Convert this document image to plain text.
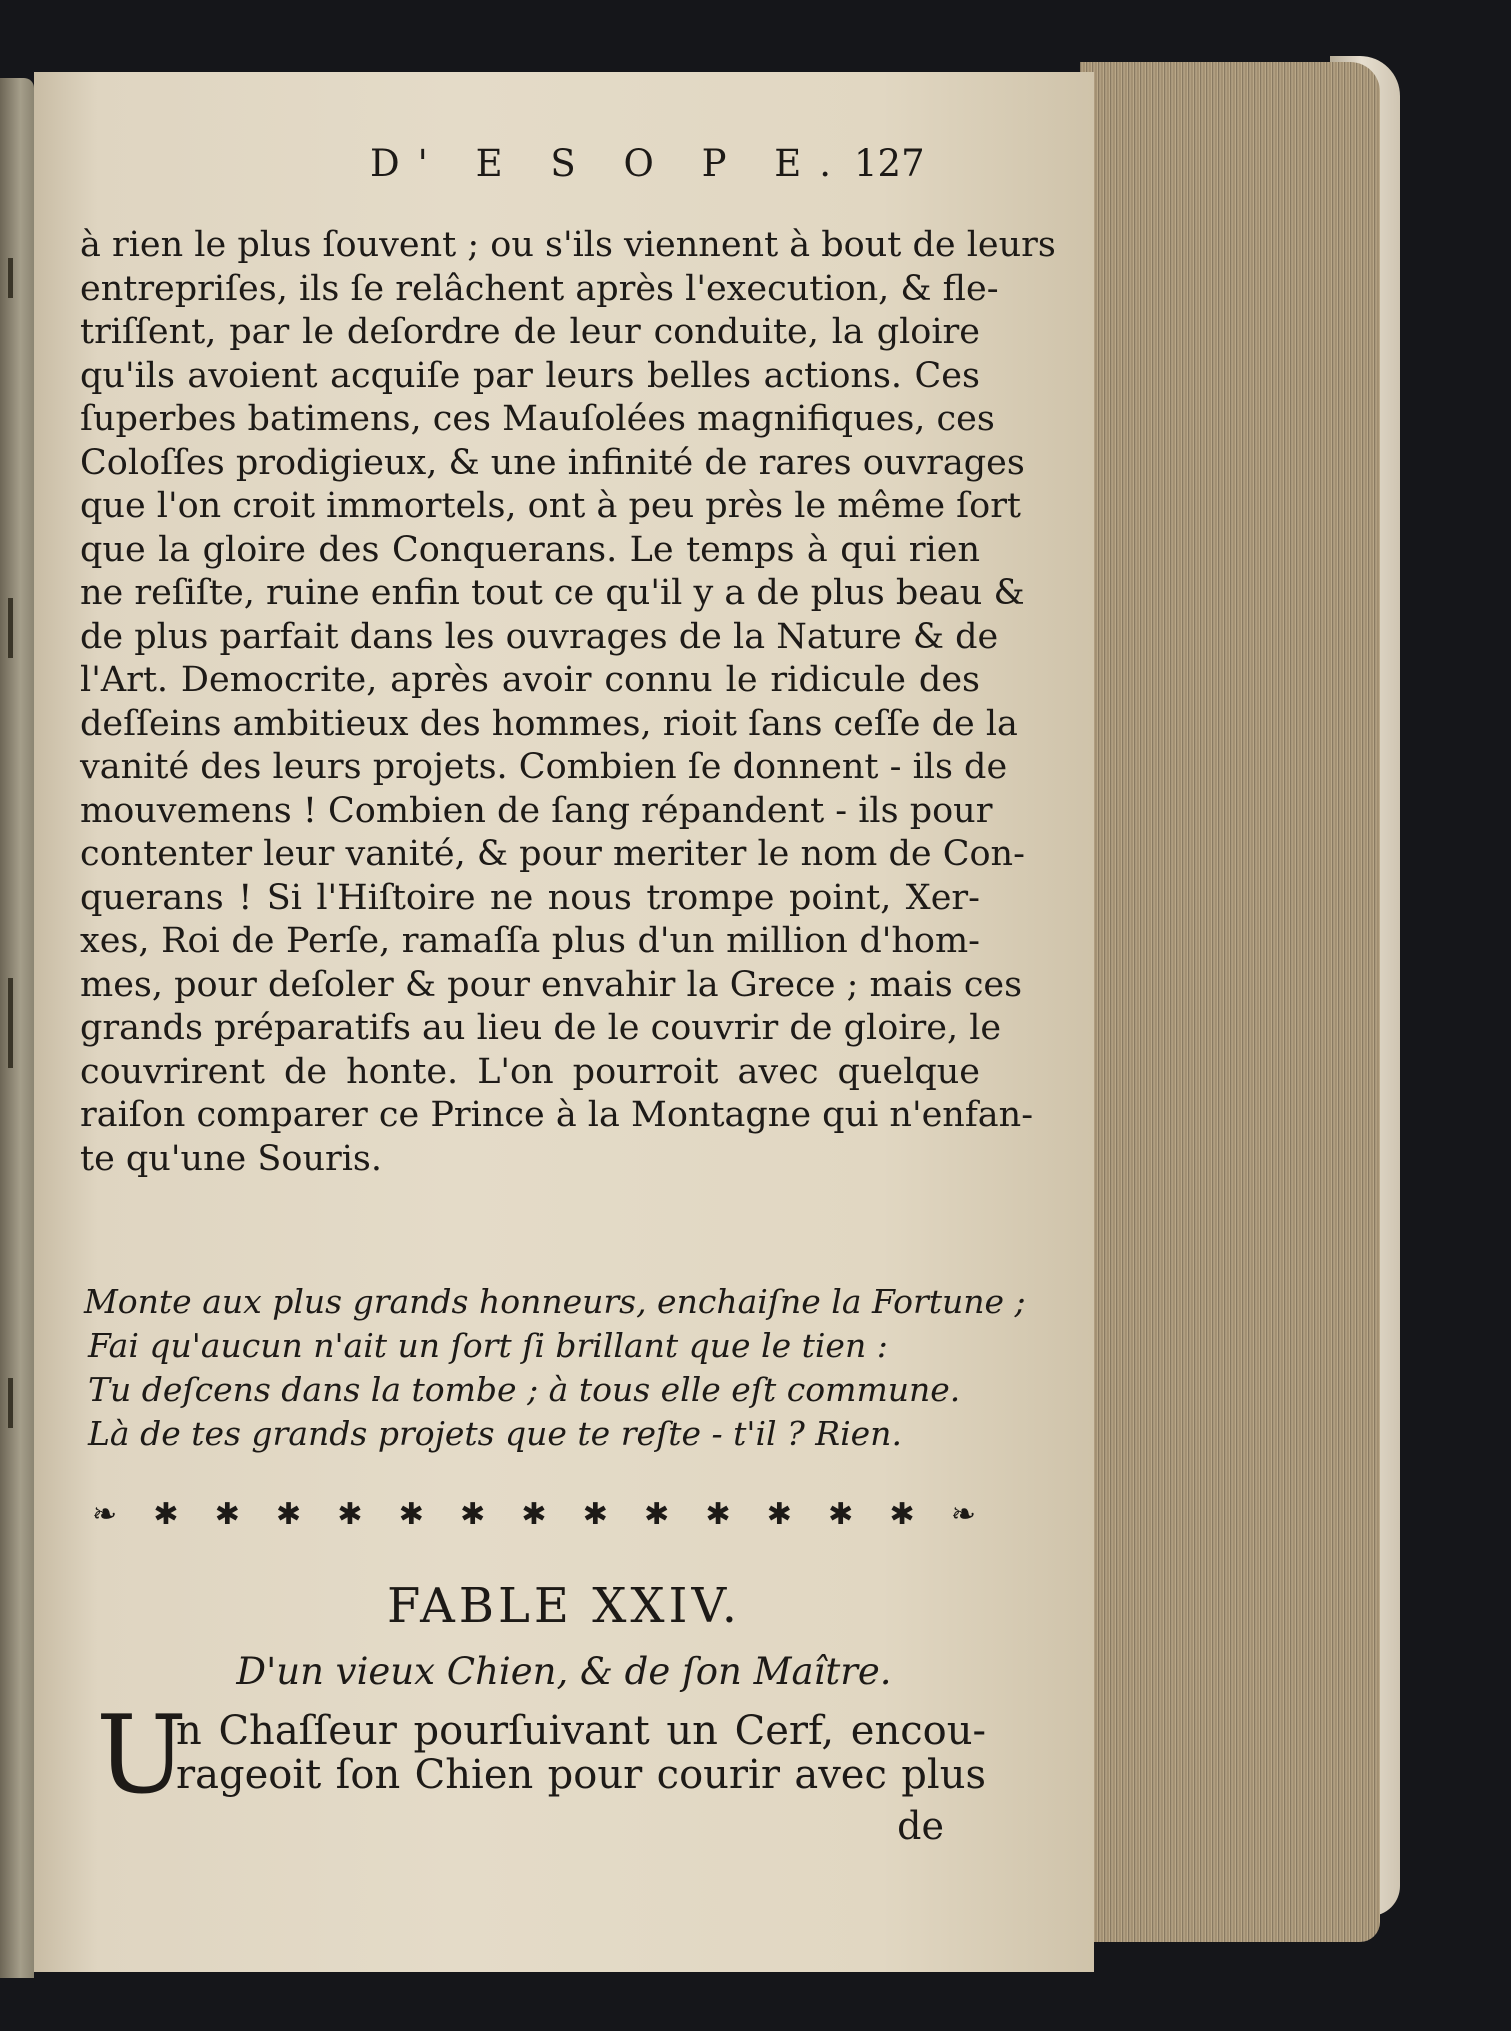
D' E S O P E. 127
à rien le plus ſouvent ; ou s'ils viennent à bout de leurs
entrepriſes, ils ſe relâchent après l'execution, & fle-
triſſent, par le deſordre de leur conduite, la gloire
qu'ils avoient acquiſe par leurs belles actions. Ces
ſuperbes batimens, ces Mauſolées magnifiques, ces
Coloſſes prodigieux, & une infinité de rares ouvrages
que l'on croit immortels, ont à peu près le même ſort
que la gloire des Conquerans. Le temps à qui rien
ne reſiſte, ruine enfin tout ce qu'il y a de plus beau &
de plus parfait dans les ouvrages de la Nature & de
l'Art. Democrite, après avoir connu le ridicule des
deſſeins ambitieux des hommes, rioit ſans ceſſe de la
vanité des leurs projets. Combien ſe donnent - ils de
mouvemens ! Combien de ſang répandent - ils pour
contenter leur vanité, & pour meriter le nom de Con-
querans ! Si l'Hiſtoire ne nous trompe point, Xer-
xes, Roi de Perſe, ramaſſa plus d'un million d'hom-
mes, pour deſoler & pour envahir la Grece ; mais ces
grands préparatifs au lieu de le couvrir de gloire, le
couvrirent de honte. L'on pourroit avec quelque
raiſon comparer ce Prince à la Montagne qui n'enfan-
te qu'une Souris.
Monte aux plus grands honneurs, enchaiſne la Fortune ;
Fai qu'aucun n'ait un ſort ſi brillant que le tien :
Tu deſcens dans la tombe ; à tous elle eſt commune.
Là de tes grands projets que te reſte - t'il ? Rien.
❧ ✱ ✱ ✱ ✱ ✱ ✱ ✱ ✱ ✱ ✱ ✱ ✱ ✱ ❧
FABLE XXIV.
D'un vieux Chien, & de ſon Maître.
U
n Chaſſeur pourſuivant un Cerf, encou-
rageoit ſon Chien pour courir avec plus
de
